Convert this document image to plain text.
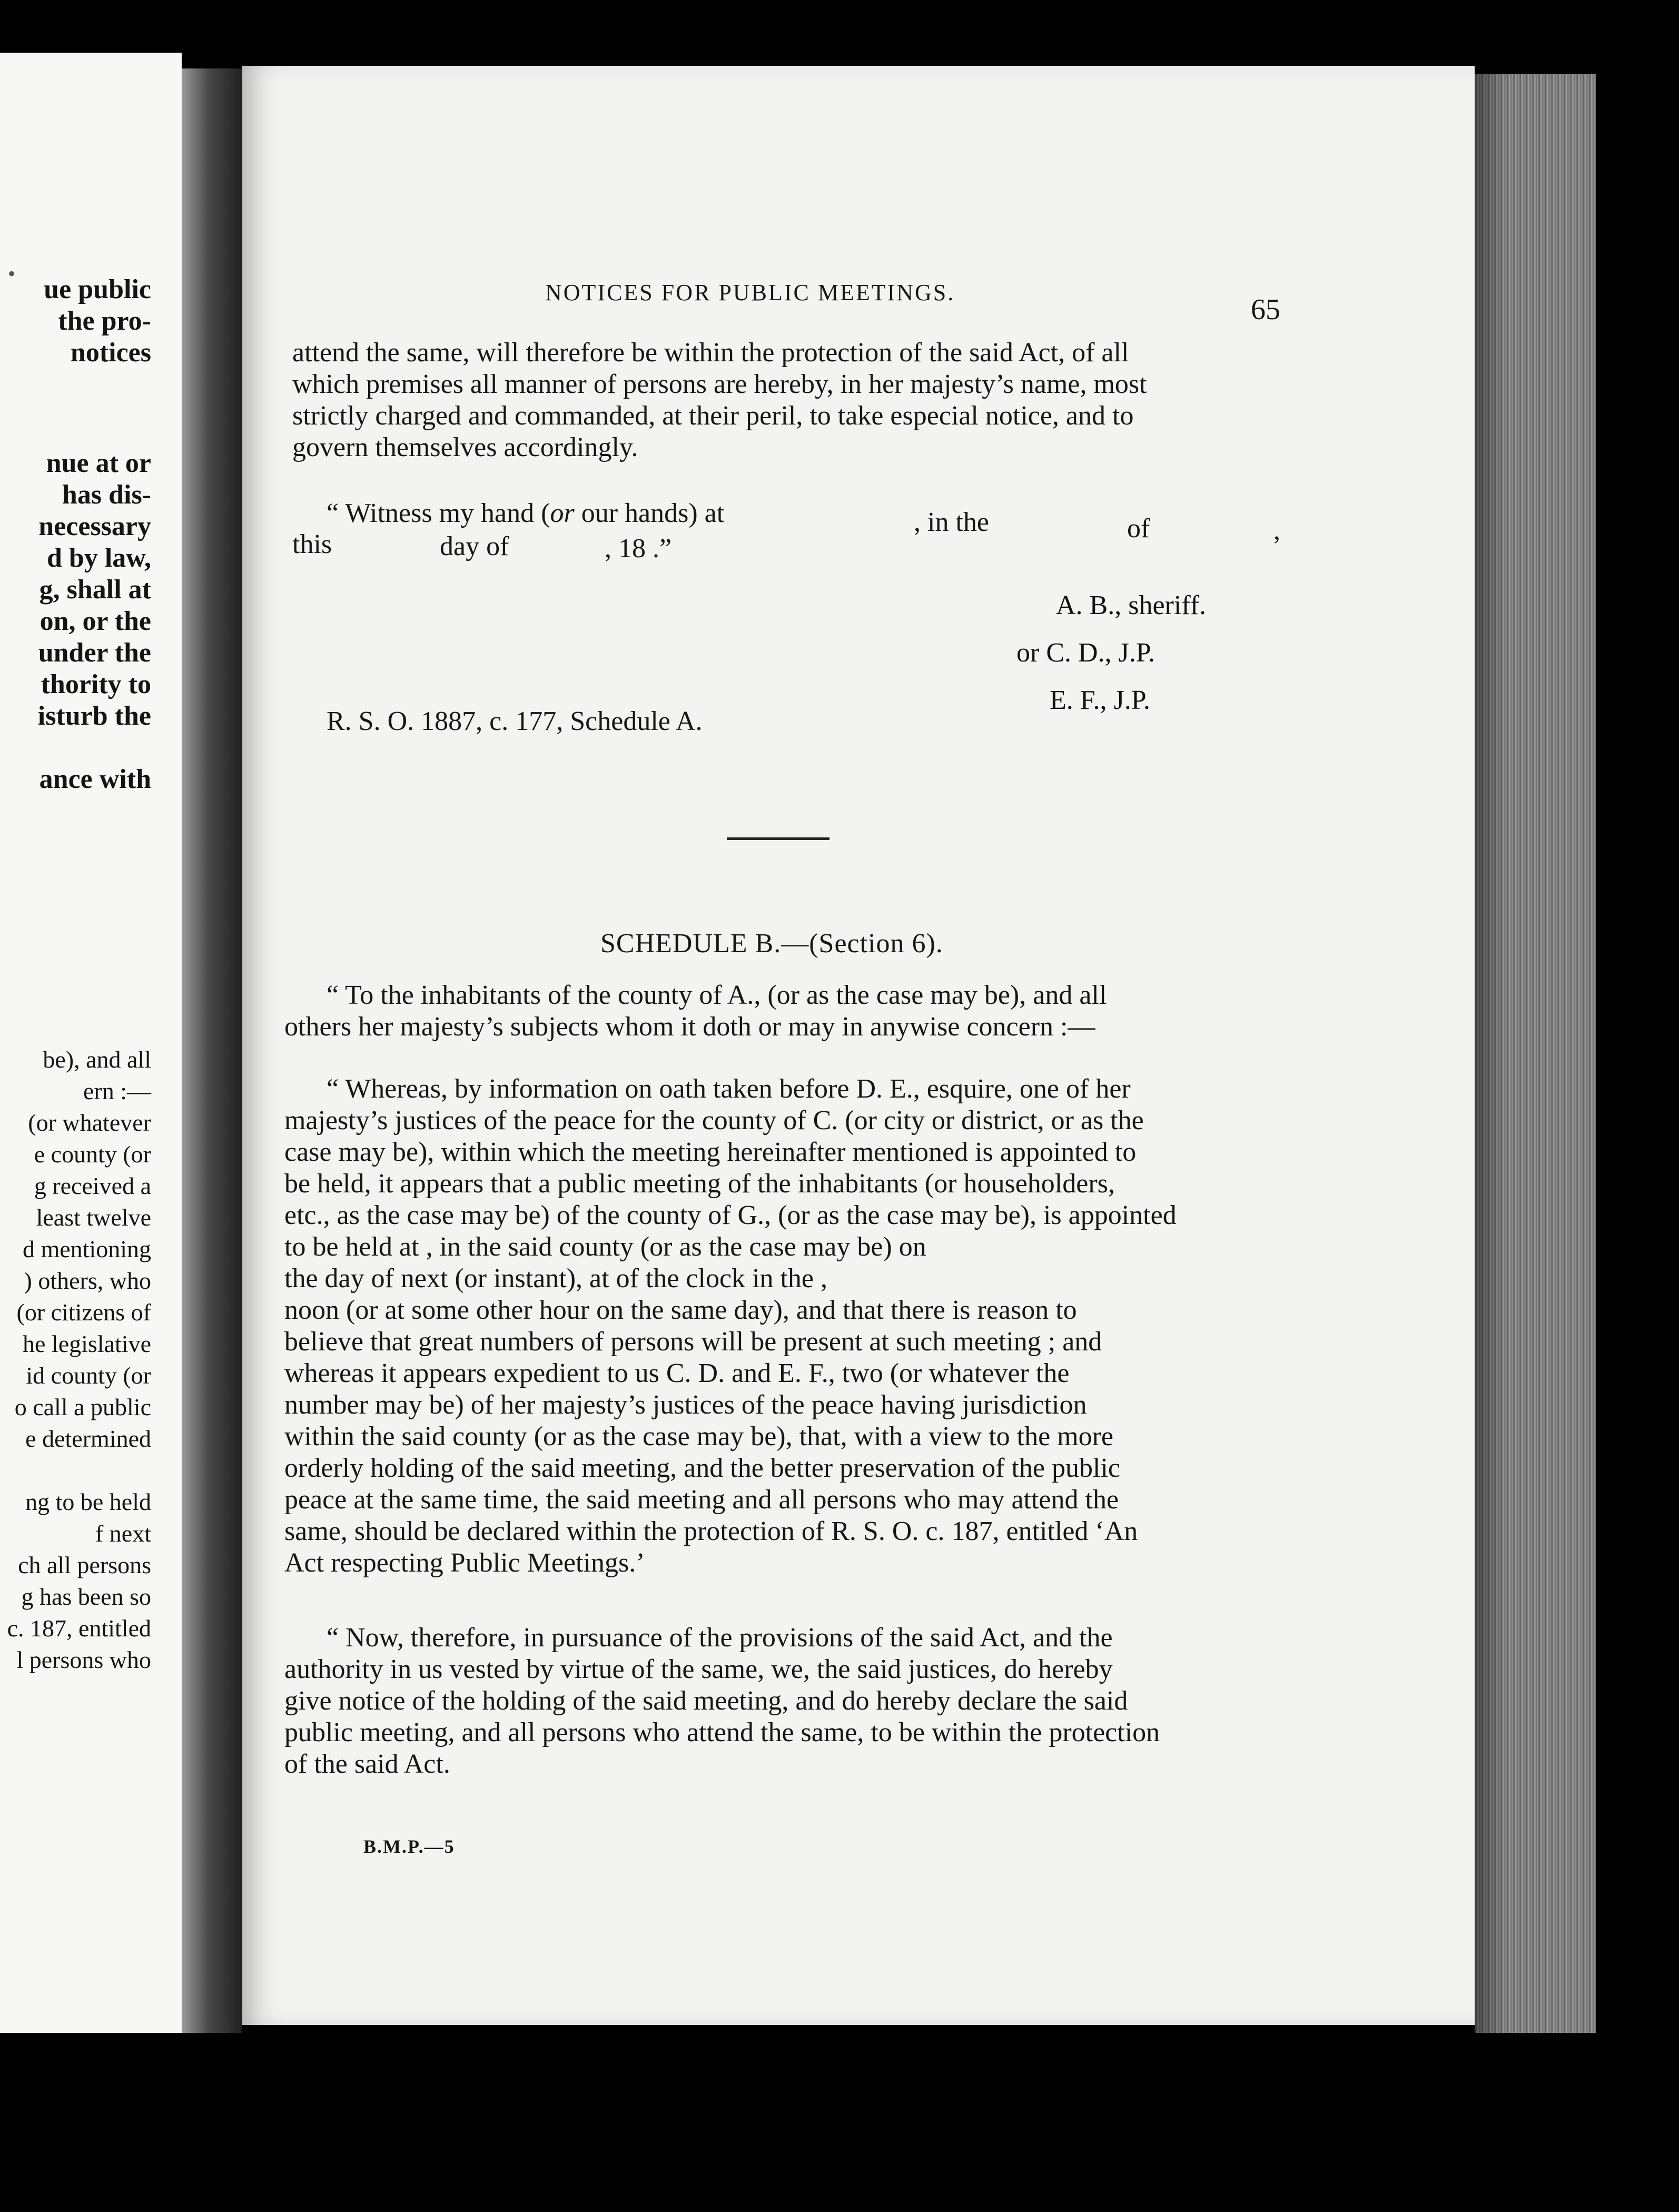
•
ue public
the pro-
notices
nue at or
has dis-
necessary
d by law,
g, shall at
on, or the
under the
thority to
isturb the
ance with
be), and all
ern :—
(or whatever
e county (or
g received a
least twelve
d mentioning
) others, who
(or citizens of
he legislative
id county (or
o call a public
e determined
ng to be held
f next
ch all persons
g has been so
c. 187, entitled
l persons who
NOTICES FOR PUBLIC MEETINGS.
65
attend the same, will therefore be within the protection of the said Act, of all
which premises all manner of persons are hereby, in her majesty’s name, most
strictly charged and commanded, at their peril, to take especial notice, and to
govern themselves accordingly.
“ Witness my hand (or our hands) at	, in the	of	,
this	day of	, 18 .”
A. B., sheriff.
or C. D., J.P.
E. F., J.P.
R. S. O. 1887, c. 177, Schedule A.
SCHEDULE B.—(Section 6).
“ To the inhabitants of the county of A., (or as the case may be), and all
others her majesty’s subjects whom it doth or may in anywise concern :—
“ Whereas, by information on oath taken before D. E., esquire, one of her
majesty’s justices of the peace for the county of C. (or city or district, or as the
case may be), within which the meeting hereinafter mentioned is appointed to
be held, it appears that a public meeting of the inhabitants (or householders,
etc., as the case may be) of the county of G., (or as the case may be), is appointed
to be held at , in the said county (or as the case may be) on
the day of next (or instant), at of the clock in the ,
noon (or at some other hour on the same day), and that there is reason to
believe that great numbers of persons will be present at such meeting ; and
whereas it appears expedient to us C. D. and E. F., two (or whatever the
number may be) of her majesty’s justices of the peace having jurisdiction
within the said county (or as the case may be), that, with a view to the more
orderly holding of the said meeting, and the better preservation of the public
peace at the same time, the said meeting and all persons who may attend the
same, should be declared within the protection of R. S. O. c. 187, entitled ‘An
Act respecting Public Meetings.’
“ Now, therefore, in pursuance of the provisions of the said Act, and the
authority in us vested by virtue of the same, we, the said justices, do hereby
give notice of the holding of the said meeting, and do hereby declare the said
public meeting, and all persons who attend the same, to be within the protection
of the said Act.
B.M.P.—5
